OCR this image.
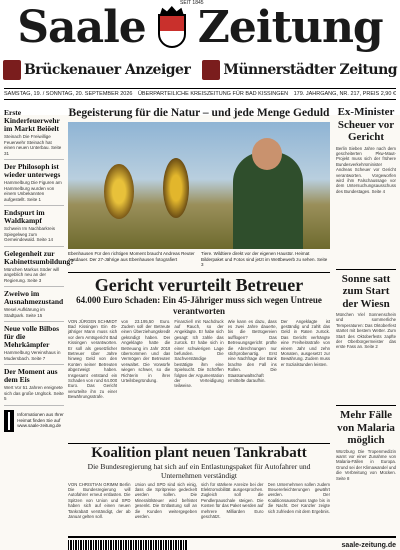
SEIT 1845
Saale Zeitung
Brückenauer Anzeiger Münnerstädter Zeitung
SAMSTAG, 19. / SONNTAG, 20. SEPTEMBER 2026 ÜBERPARTEILICHE KREISZEITUNG FÜR BAD KISSINGEN 179. JAHRGANG, NR. 217, PREIS 2,90 €
Erste Kinderfeuerwehr im Markt Beiöelt
Steinach Die Freiwillige Feuerwehr Steinach hat einen neuen Unterbau. Seite 31
Der Philosoph ist wieder unterwegs
Hammelburg Die Figuren am Hammelburg wurden von einem Unbekannten aufgestellt. Seite 1
Endspurt im Waldkampf
Schwein Im Nachbarkreis Spiegelweg zum Gemeindewald. Seite 14
Gelegenheit zur Kabinettsumbildung?
München Markus Söder will angeblich neu an der Regierung. Seite 3
Zweiwo im Ausnahmezustand
Wesel Aufklärung im Stadtpark. Seite 15
Neue volle Bilbos für die Mehrkämpfer
Hammelburg Vereinshaus in Mudersbach. Seite 7
Der Moment aus dem Eis
Wert Vor 51 Jahren ereignete sich das große Unglück. Seite 5
Informationen aus Ihrer Heimat finden Sie auf www.saale-zeitung.de
Begeisterung für die Natur – und jede Menge Geduld
Ebenhausen Für den richtigen Moment braucht Andreas Reuter Ausdauer. Der 27-Jährige aus Ebenhausen fotografiert
Tiere. Wildtiere direkt vor der eigenen Haustür. Heimat Bilderpaket und Fotos sind jetzt im Wettbewerb zu sehen. Seite 3
Gericht verurteilt Betreuer
64.000 Euro Schaden: Ein 45-Jähriger muss sich wegen Untreue verantworten
VON JÜRGEN SCHMIDT Bad Kissingen Ein 45-jähriger Mann muss sich vor dem Amtsgericht Bad Kissingen verantworten. Er soll als gesetzlicher Betreuer über Jahre hinweg Geld von den Konten seiner Betreuten abgezweigt haben. Insgesamt entstand ein Schaden von rund 64.000 Euro. Das Gericht verurteilte ihn zu einer Bewährungsstrafe.
von 23.195,50 Euro. Zudem soll der Betreute einen Überziehungskredit gekündigt haben. Der Angeklagte hatte die Betreuung im Jahr 2019 übernommen und das Vermögen der Betreuten verwaltet. Die Vorwürfe wiegen schwer, so die Richterin in ihrer Urteilsbegründung.
Finanziell mit Nachdruck auf Rauch, so der Angeklagte. Er habe sich gesagt: Ich zahle das zurück. Er habe sich in einer schwierigen Lage befunden. Die Sachverständige bestätigte ihm eine Spielsucht. Die Schöffen folgten der Argumentation der Verteidigung teilweise.
Wie kann es dazu, dass es zwei Jahre dauerte, bis die Betrügereien aufflogen? Das Betreuungsgericht prüfte die Abrechnungen nur stichprobenartig. Erst eine Nachfrage der Bank brachte den Fall ins Rollen. Die Staatsanwaltschaft ermittelte daraufhin.
Der Angeklagte ist geständig und zahlt das Geld in Raten zurück. Das Gericht verhängte eine Freiheitsstrafe von einem Jahr und zehn Monaten, ausgesetzt zur Bewährung. Zudem muss er Sozialstunden leisten.
Koalition plant neuen Tankrabatt
Die Bundesregierung hat sich auf ein Entlastungspaket für Autofahrer und Unternehmen verständigt
VON CHRISTIAN GRIMM Berlin Die Bundesregierung will Autofahrer erneut entlasten. Die Spitzen von Union und SPD haben sich auf einen neuen Tankrabatt verständigt, der ab Januar gelten soll.
Union und SPD sind sich einig, dass die Spritpreise gedeckelt werden sollen. Die Mineralölsteuer wird befristet gesenkt. Die Entlastung soll an die Kunden weitergegeben werden.
sich für stärkere Anreize bei der Elektromobilität ausgesprochen. Zugleich soll die Pendlerpauschale steigen. Die Kosten für das Paket werden auf mehrere Milliarden Euro geschätzt.
Den Unternehmen sollen zudem Steuererleichterungen gewährt werden. Der Koalitionsausschuss tagte bis in die Nacht. Der Kanzler zeigte sich zufrieden mit dem Ergebnis.
Ex-Minister Scheuer vor Gericht
Berlin Sieben Jahre nach dem gescheiterten Pkw-Maut-Projekt muss sich der frühere Bundesverkehrsminister Andreas Scheuer vor Gericht verantworten. Vorgeworfen wird ihm Falschaussage vor dem Untersuchungsausschuss des Bundestages. Seite 4
Sonne satt zum Start der Wiesn
München Viel Sonnenschein und sommerliche Temperaturen: Das Oktoberfest startet mit bestem Wetter. Zum Start des Oktoberfests zapfte der Oberbürgermeister das erste Fass an. Seite 2
Mehr Fälle von Malaria möglich
Würzburg Die Tropenmedizin warnt vor einer Zunahme von Malaria-Fällen in Europa. Grund sei der Klimawandel und die Verbreitung von Mücken. Seite 8
saale-zeitung.de
